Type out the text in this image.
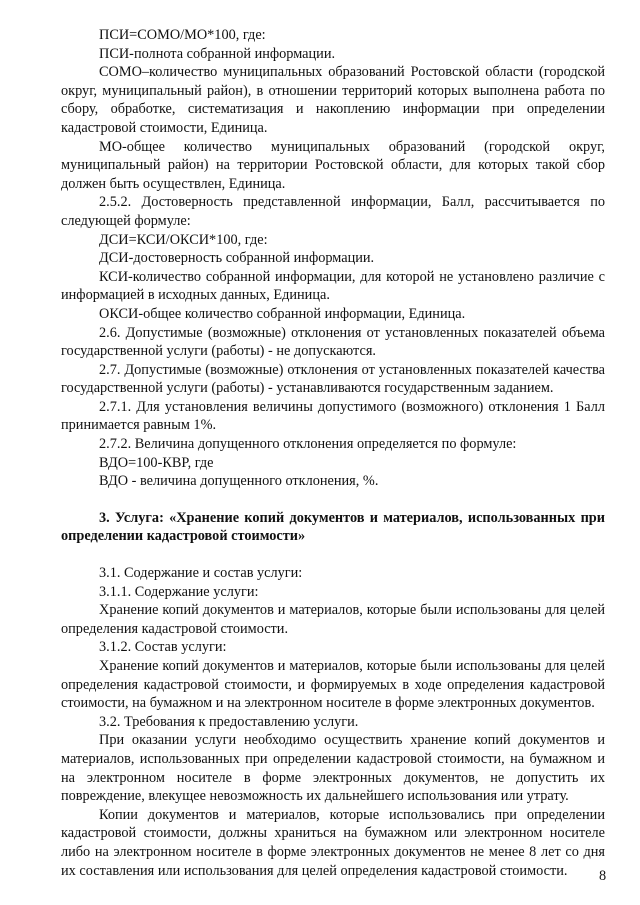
ПСИ=СОМО/МО*100, где:

ПСИ-полнота собранной информации.

СОМО–количество муниципальных образований Ростовской области (городской округ, муниципальный район), в отношении территорий которых выполнена работа по сбору, обработке, систематизация и накоплению информации при определении кадастровой стоимости, Единица.

МО-общее количество муниципальных образований (городской округ, муниципальный район) на территории Ростовской области, для которых такой сбор должен быть осуществлен, Единица.

2.5.2. Достоверность представленной информации, Балл, рассчитывается по следующей формуле:

ДСИ=КСИ/ОКСИ*100, где:

ДСИ-достоверность собранной информации.

КСИ-количество собранной информации, для которой не установлено различие с информацией в исходных данных, Единица.

ОКСИ-общее количество собранной информации, Единица.

2.6. Допустимые (возможные) отклонения от установленных показателей объема государственной услуги (работы) - не допускаются.

2.7. Допустимые (возможные) отклонения от установленных показателей качества государственной услуги (работы) - устанавливаются государственным заданием.

2.7.1. Для установления величины допустимого (возможного) отклонения 1 Балл принимается равным 1%.

2.7.2. Величина допущенного отклонения определяется по формуле:

ВДО=100-КВР, где

ВДО - величина допущенного отклонения, %.

3. Услуга: «Хранение копий документов и материалов, использованных при определении кадастровой стоимости»

3.1. Содержание и состав услуги:

3.1.1. Содержание услуги:

Хранение копий документов и материалов, которые были использованы для целей определения кадастровой стоимости.

3.1.2. Состав услуги:

Хранение копий документов и материалов, которые были использованы для целей определения кадастровой стоимости, и формируемых в ходе определения кадастровой стоимости, на бумажном и на электронном носителе в форме электронных документов.

3.2. Требования к предоставлению услуги.

При оказании услуги необходимо осуществить хранение копий документов и материалов, использованных при определении кадастровой стоимости, на бумажном и на электронном носителе в форме электронных документов, не допустить их повреждение, влекущее невозможность их дальнейшего использования или утрату.

Копии документов и материалов, которые использовались при определении кадастровой стоимости, должны храниться на бумажном или электронном носителе либо на электронном носителе в форме электронных документов не менее 8 лет со дня их составления или использования для целей определения кадастровой стоимости.	8
